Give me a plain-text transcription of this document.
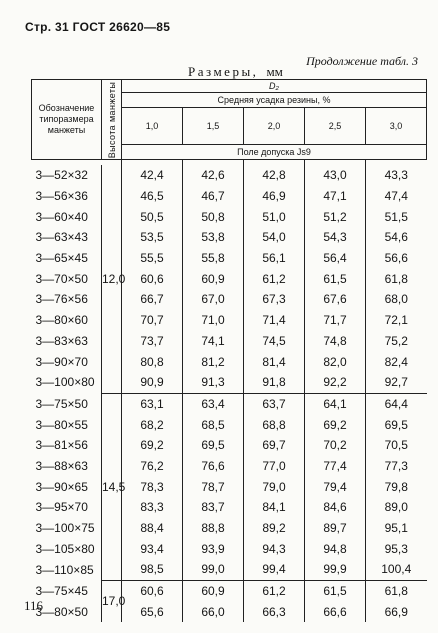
Стр. 31 ГОСТ 26620—85
Продолжение табл. 3
Размеры, мм
Обозначение типоразмера манжеты	Высота манжеты	D₂				
		Средняя усадка резины, %				
		1,0	1,5	2,0	2,5	3,0
		Поле допуска Js9				

3—52×32	12,0	42,4	42,6	42,8	43,0	43,3
3—56×36		46,5	46,7	46,9	47,1	47,4
3—60×40		50,5	50,8	51,0	51,2	51,5
3—63×43		53,5	53,8	54,0	54,3	54,6
3—65×45		55,5	55,8	56,1	56,4	56,6
3—70×50		60,6	60,9	61,2	61,5	61,8
3—76×56		66,7	67,0	67,3	67,6	68,0
3—80×60		70,7	71,0	71,4	71,7	72,1
3—83×63		73,7	74,1	74,5	74,8	75,2
3—90×70		80,8	81,2	81,4	82,0	82,4
3—100×80		90,9	91,3	91,8	92,2	92,7
3—75×50	14,5	63,1	63,4	63,7	64,1	64,4
3—80×55		68,2	68,5	68,8	69,2	69,5
3—81×56		69,2	69,5	69,7	70,2	70,5
3—88×63		76,2	76,6	77,0	77,4	77,3
3—90×65		78,3	78,7	79,0	79,4	79,8
3—95×70		83,3	83,7	84,1	84,6	89,0
3—100×75		88,4	88,8	89,2	89,7	95,1
3—105×80		93,4	93,9	94,3	94,8	95,3
3—110×85		98,5	99,0	99,4	99,9	100,4
3—75×45	17,0	60,6	60,9	61,2	61,5	61,8
3—80×50		65,6	66,0	66,3	66,6	66,9
116
